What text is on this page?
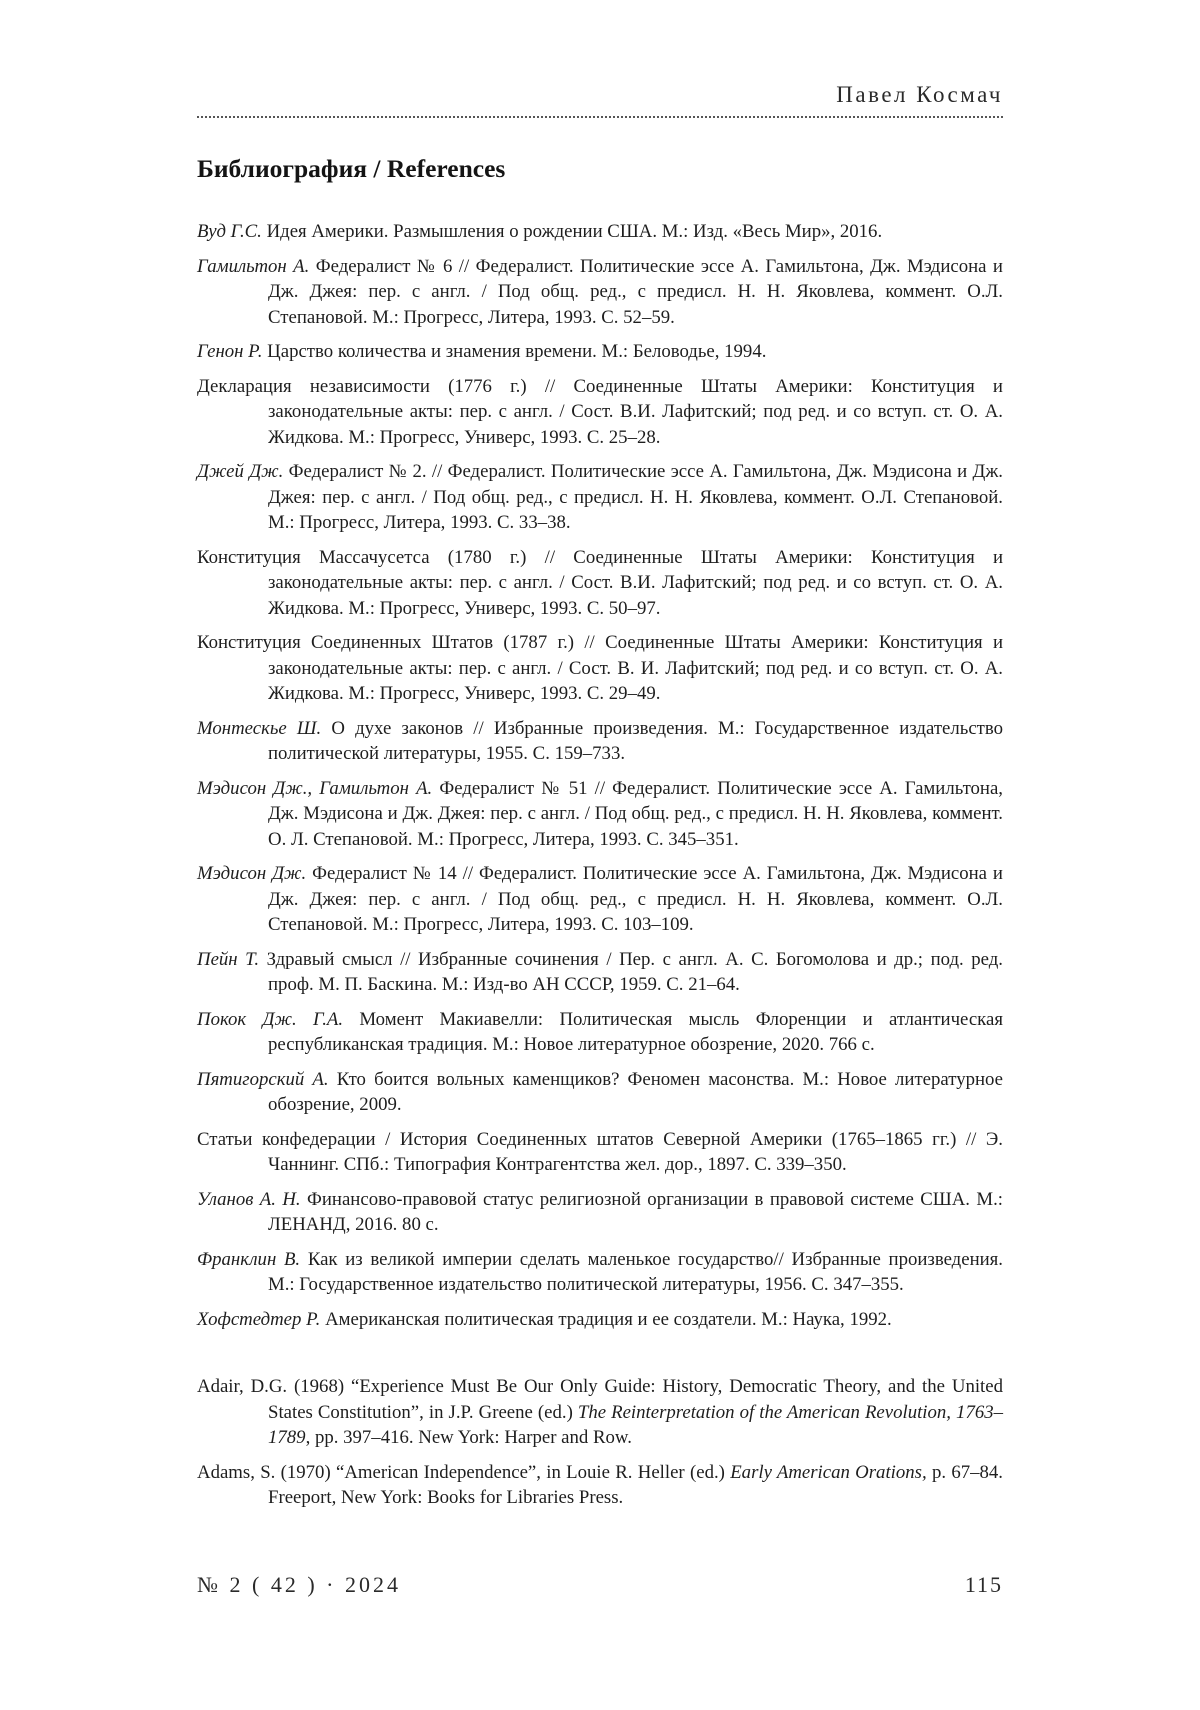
Павел Космач
Библиография / References

Вуд Г.С. Идея Америки. Размышления о рождении США. М.: Изд. «Весь Мир», 2016.

Гамильтон А. Федералист № 6 // Федералист. Политические эссе А. Гамильтона, Дж. Мэдисона и Дж. Джея: пер. с англ. / Под общ. ред., с предисл. Н. Н. Яковлева, коммент. О.Л. Степановой. М.: Прогресс, Литера, 1993. С. 52–59.

Генон Р. Царство количества и знамения времени. М.: Беловодье, 1994.

Декларация независимости (1776 г.) // Соединенные Штаты Америки: Конституция и законодательные акты: пер. с англ. / Сост. В.И. Лафитский; под ред. и со вступ. ст. О. А. Жидкова. М.: Прогресс, Универс, 1993. С. 25–28.

Джей Дж. Федералист № 2. // Федералист. Политические эссе А. Гамильтона, Дж. Мэдисона и Дж. Джея: пер. с англ. / Под общ. ред., с предисл. Н. Н. Яковлева, коммент. О.Л. Степановой. М.: Прогресс, Литера, 1993. С. 33–38.

Конституция Массачусетса (1780 г.) // Соединенные Штаты Америки: Конституция и законодательные акты: пер. с англ. / Сост. В.И. Лафитский; под ред. и со вступ. ст. О. А. Жидкова. М.: Прогресс, Универс, 1993. С. 50–97.

Конституция Соединенных Штатов (1787 г.) // Соединенные Штаты Америки: Конституция и законодательные акты: пер. с англ. / Сост. В. И. Лафитский; под ред. и со вступ. ст. О. А. Жидкова. М.: Прогресс, Универс, 1993. С. 29–49.

Монтескье Ш. О духе законов // Избранные произведения. М.: Государственное издательство политической литературы, 1955. С. 159–733.

Мэдисон Дж., Гамильтон А. Федералист № 51 // Федералист. Политические эссе А. Гамильтона, Дж. Мэдисона и Дж. Джея: пер. с англ. / Под общ. ред., с предисл. Н. Н. Яковлева, коммент. О. Л. Степановой. М.: Прогресс, Литера, 1993. С. 345–351.

Мэдисон Дж. Федералист № 14 // Федералист. Политические эссе А. Гамильтона, Дж. Мэдисона и Дж. Джея: пер. с англ. / Под общ. ред., с предисл. Н. Н. Яковлева, коммент. О.Л. Степановой. М.: Прогресс, Литера, 1993. С. 103–109.

Пейн Т. Здравый смысл // Избранные сочинения / Пер. с англ. А. С. Богомолова и др.; под. ред. проф. М. П. Баскина. М.: Изд-во АН СССР, 1959. С. 21–64.

Покок Дж. Г.А. Момент Макиавелли: Политическая мысль Флоренции и атлантическая республиканская традиция. М.: Новое литературное обозрение, 2020. 766 с.

Пятигорский А. Кто боится вольных каменщиков? Феномен масонства. М.: Новое литературное обозрение, 2009.

Статьи конфедерации / История Соединенных штатов Северной Америки (1765–1865 гг.) // Э. Чаннинг. СПб.: Типография Контрагентства жел. дор., 1897. С. 339–350.

Уланов А. Н. Финансово-правовой статус религиозной организации в правовой системе США. М.: ЛЕНАНД, 2016. 80 с.

Франклин В. Как из великой империи сделать маленькое государство// Избранные произведения. М.: Государственное издательство политической литературы, 1956. С. 347–355.

Хофстедтер Р. Американская политическая традиция и ее создатели. М.: Наука, 1992.

Adair, D.G. (1968) “Experience Must Be Our Only Guide: History, Democratic Theory, and the United States Constitution”, in J.P. Greene (ed.) The Reinterpretation of the American Revolution, 1763–1789, pp. 397–416. New York: Harper and Row.

Adams, S. (1970) “American Independence”, in Louie R. Heller (ed.) Early American Orations, p. 67–84. Freeport, New York: Books for Libraries Press.

№ 2 ( 42 ) · 2024	115
